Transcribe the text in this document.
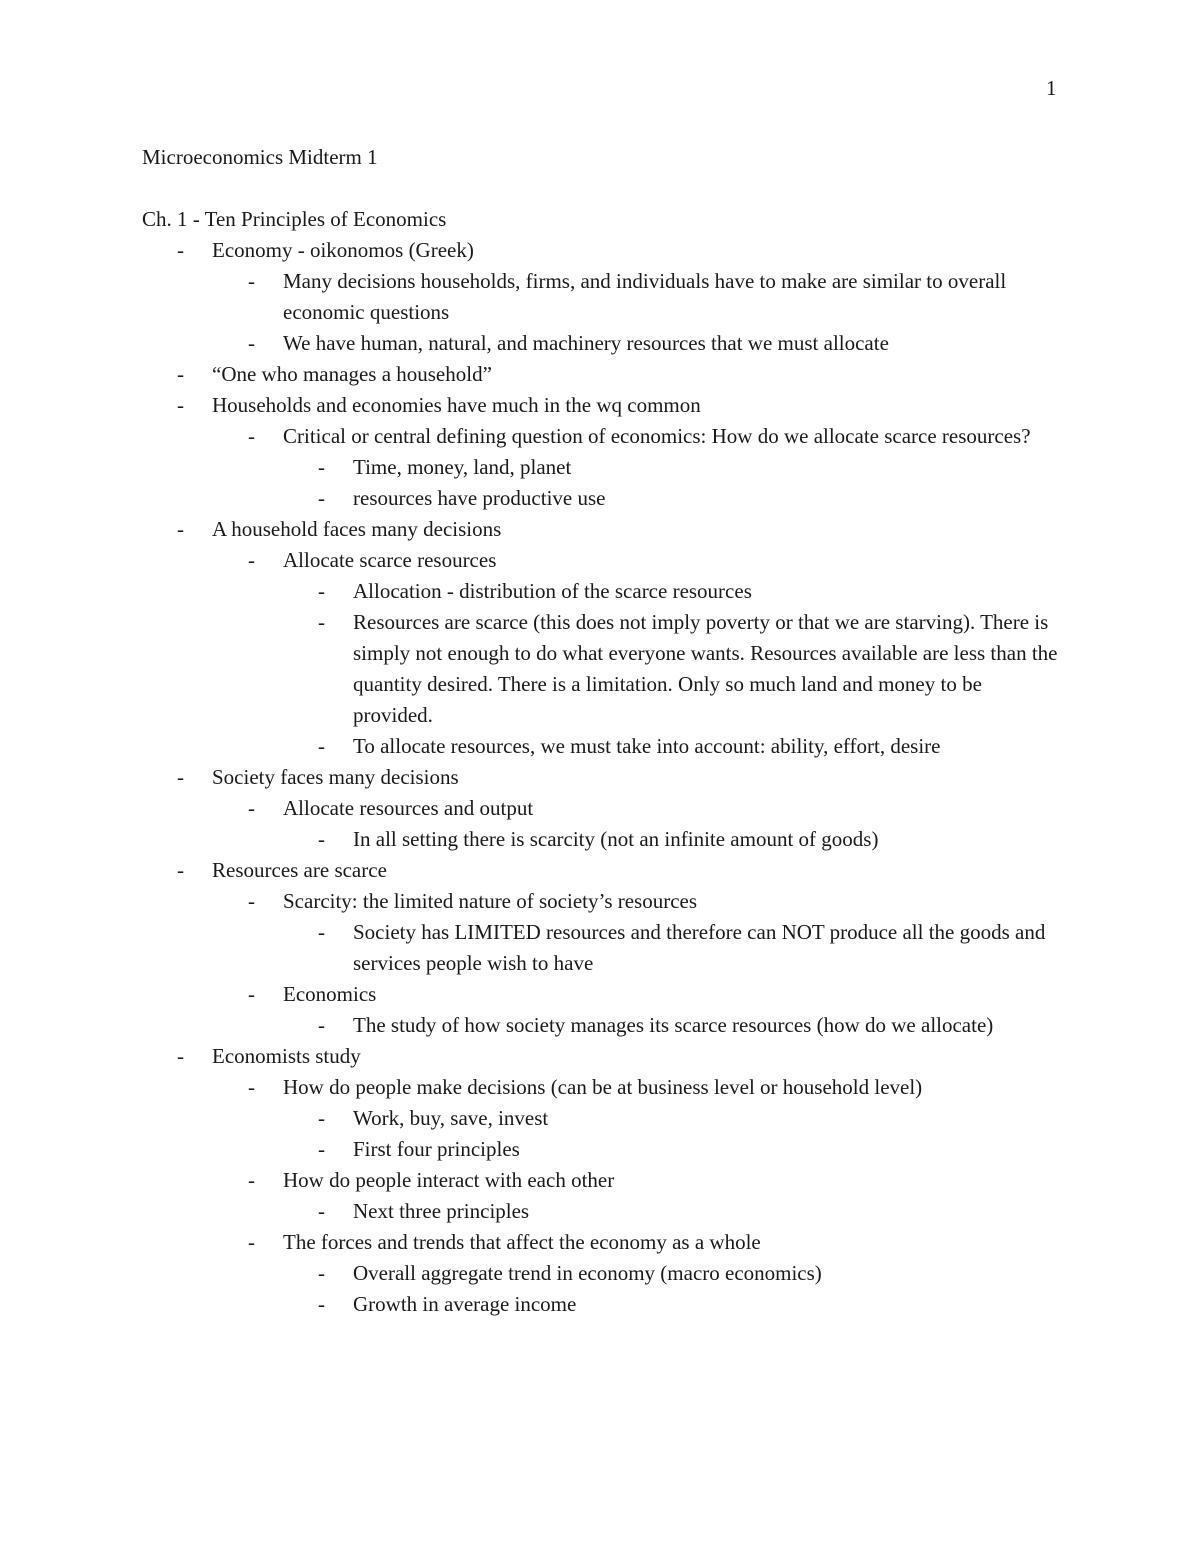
1
Microeconomics Midterm 1
Ch. 1 - Ten Principles of Economics
- Economy - oikonomos (Greek)
- Many decisions households, firms, and individuals have to make are similar to overall economic questions
- We have human, natural, and machinery resources that we must allocate
- “One who manages a household”
- Households and economies have much in the wq common
- Critical or central defining question of economics: How do we allocate scarce resources?
- Time, money, land, planet
- resources have productive use
- A household faces many decisions
- Allocate scarce resources
- Allocation - distribution of the scarce resources
- Resources are scarce (this does not imply poverty or that we are starving). There is simply not enough to do what everyone wants. Resources available are less than the quantity desired. There is a limitation. Only so much land and money to be provided.
- To allocate resources, we must take into account: ability, effort, desire
- Society faces many decisions
- Allocate resources and output
- In all setting there is scarcity (not an infinite amount of goods)
- Resources are scarce
- Scarcity: the limited nature of society’s resources
- Society has LIMITED resources and therefore can NOT produce all the goods and services people wish to have
- Economics
- The study of how society manages its scarce resources (how do we allocate)
- Economists study
- How do people make decisions (can be at business level or household level)
- Work, buy, save, invest
- First four principles
- How do people interact with each other
- Next three principles
- The forces and trends that affect the economy as a whole
- Overall aggregate trend in economy (macro economics)
- Growth in average income
